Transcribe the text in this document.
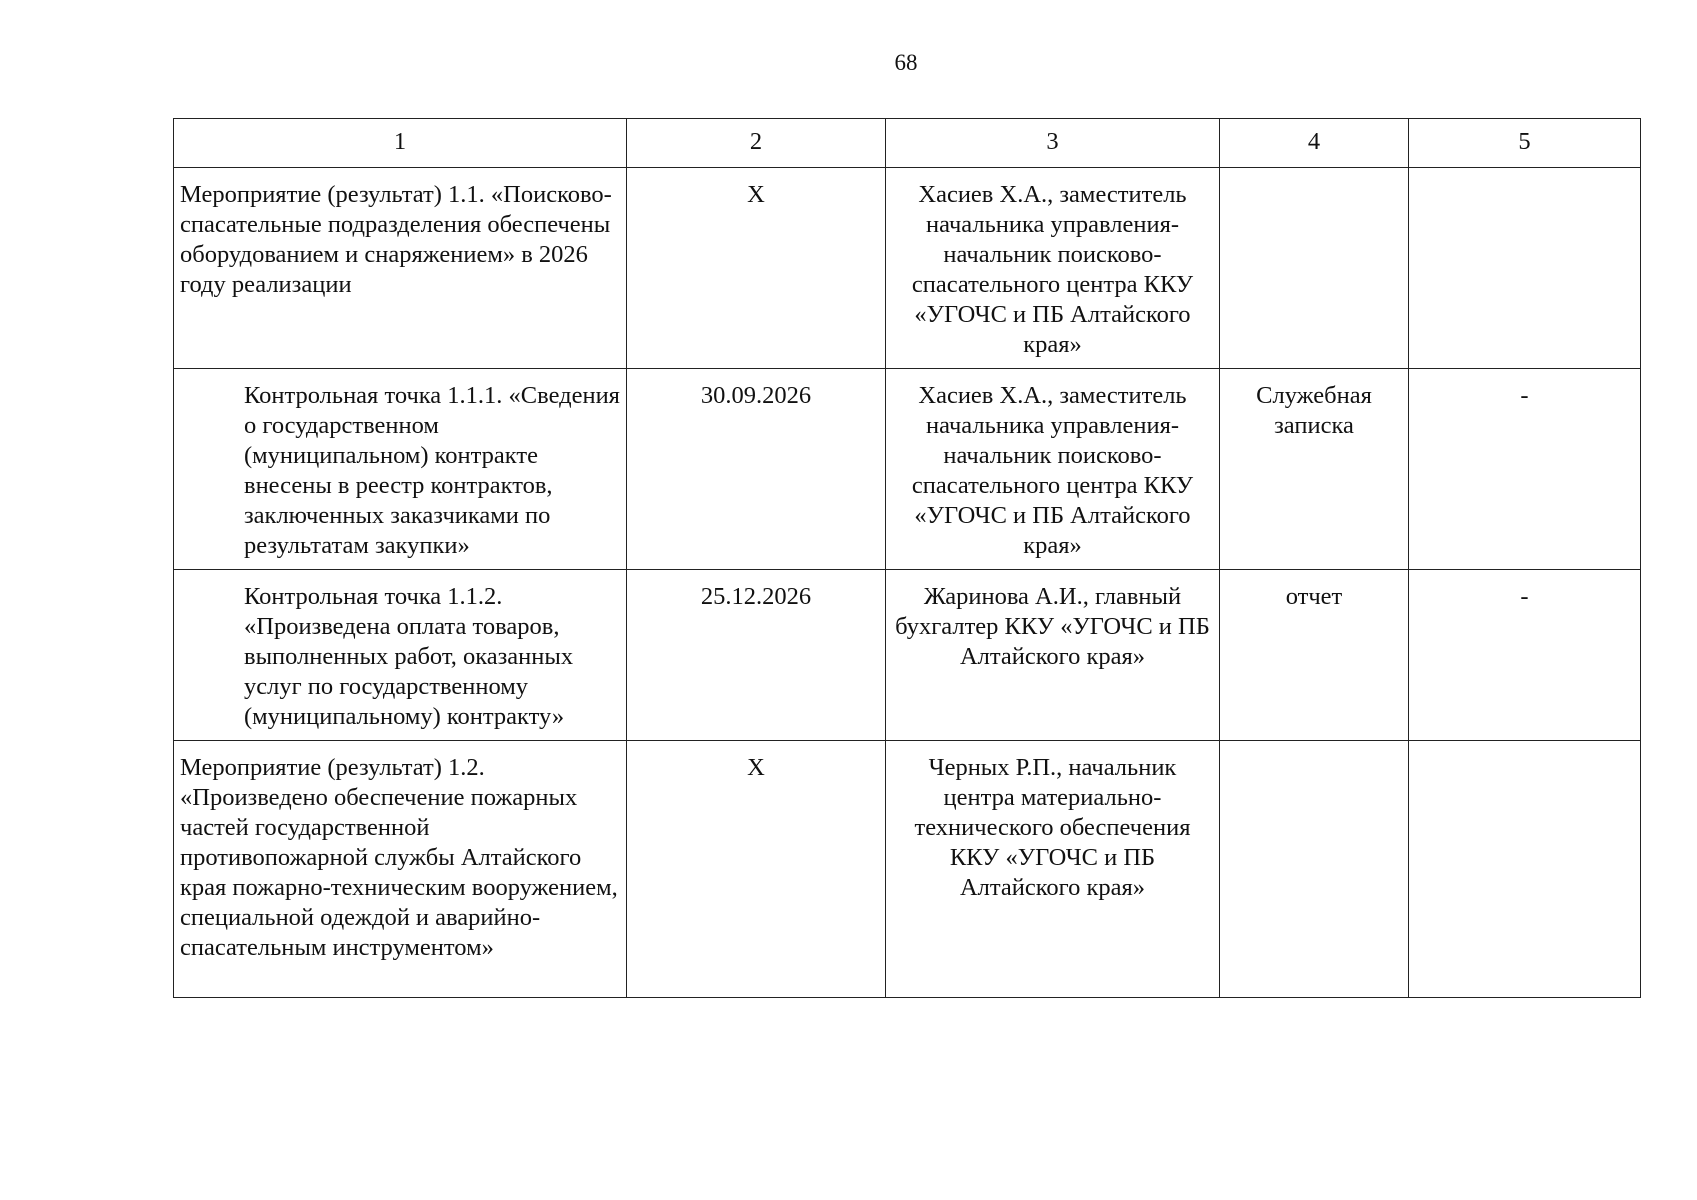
68
1	2	3	4	5
Мероприятие (результат) 1.1. «Поисково-спасательные подразделения обеспечены оборудованием и снаряжением» в 2026 году реализации	Х	Хасиев Х.А., заместитель начальника управления-начальник поисково-спасательного центра ККУ «УГОЧС и ПБ Алтайского края»		
Контрольная точка 1.1.1. «Сведения о государственном (муниципальном) контракте внесены в реестр контрактов, заключенных заказчиками по результатам закупки»	30.09.2026	Хасиев Х.А., заместитель начальника управления-начальник поисково-спасательного центра ККУ «УГОЧС и ПБ Алтайского края»	Служебная записка	-
Контрольная точка 1.1.2. «Произведена оплата товаров, выполненных работ, оказанных услуг по государственному (муниципальному) контракту»	25.12.2026	Жаринова А.И., главный бухгалтер ККУ «УГОЧС и ПБ Алтайского края»	отчет	-
Мероприятие (результат) 1.2. «Произведено обеспечение пожарных частей государственной противопожарной службы Алтайского края пожарно-техническим вооружением, специальной одеждой и аварийно-спасательным инструментом»	Х	Черных Р.П., начальник центра материально-технического обеспечения ККУ «УГОЧС и ПБ Алтайского края»		
